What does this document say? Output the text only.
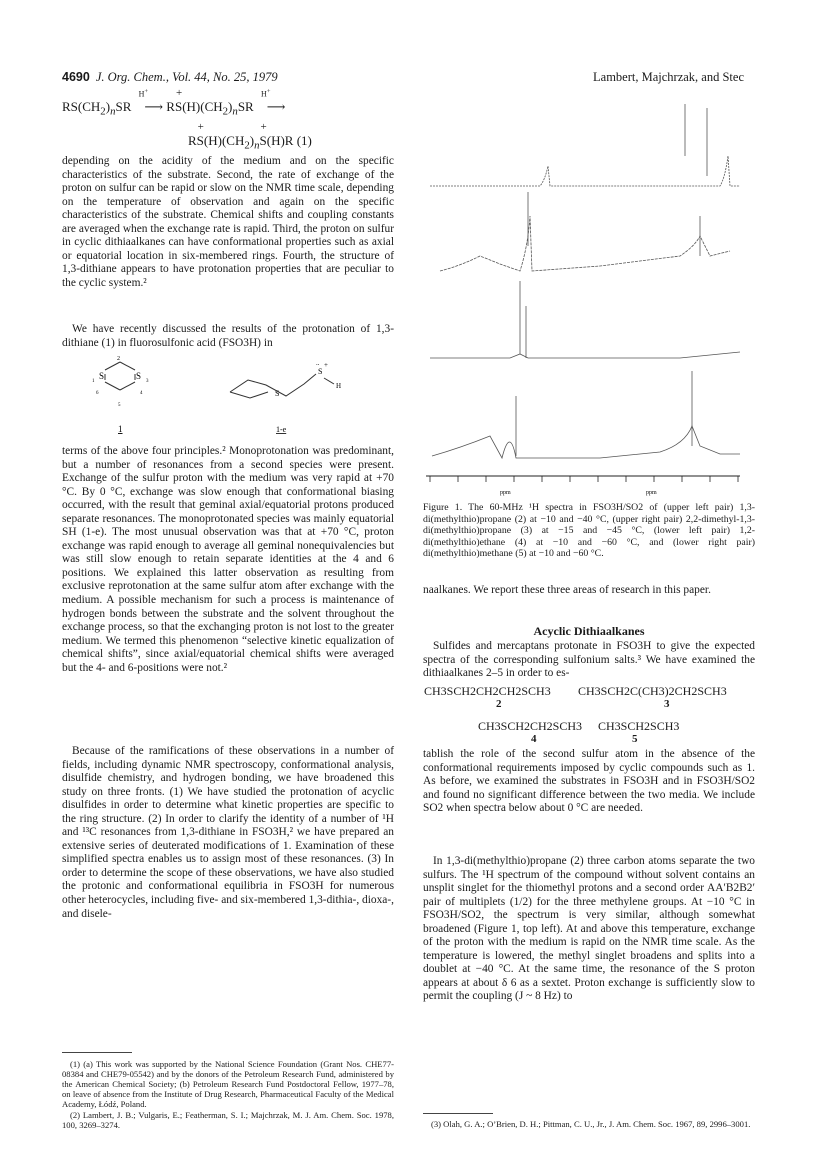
4690 J. Org. Chem., Vol. 44, No. 25, 1979	Lambert, Majchrzak, and Stec
$RS(CH_2)_nSR$
H+
⟶ RS
+
$(H)(CH_2)_nSR$
H+
⟶
RS
+
$(H)(CH_2)_nS$
+
(H)R (1)
depending on the acidity of the medium and on the specific characteristics of the substrate. Second, the rate of exchange of the proton on sulfur can be rapid or slow on the NMR time scale, depending on the temperature of observation and again on the specific characteristics of the substrate. Chemical shifts and coupling constants are averaged when the exchange rate is rapid. Third, the proton on sulfur in cyclic dithiaalkanes can have conformational properties such as axial or equatorial location in six-membered rings. Fourth, the structure of 1,3-dithiane appears to have protonation properties that are peculiar to the cyclic system.²
We have recently discussed the results of the protonation of 1,3-dithiane (1) in fluorosulfonic acid (FSO3H) in
2
S	S
1	3
6	4
5
1
S
S
+
..
H
1-e
terms of the above four principles.² Monoprotonation was predominant, but a number of resonances from a second species were present. Exchange of the sulfur proton with the medium was very rapid at +70 °C. By 0 °C, exchange was slow enough that conformational biasing occurred, with the result that geminal axial/equatorial protons produced separate resonances. The monoprotonated species was mainly equatorial SH (1-e). The most unusual observation was that at +70 °C, proton exchange was rapid enough to average all geminal nonequivalencies but was still slow enough to retain separate identities at the 4 and 6 positions. We explained this latter observation as resulting from exclusive reprotonation at the same sulfur atom after exchange with the medium. A possible mechanism for such a process is maintenance of hydrogen bonds between the substrate and the solvent throughout the exchange process, so that the exchanging proton is not lost to the greater medium. We termed this phenomenon “selective kinetic equalization of chemical shifts”, since axial/equatorial chemical shifts were averaged but the 4- and 6-positions were not.²
Because of the ramifications of these observations in a number of fields, including dynamic NMR spectroscopy, conformational analysis, disulfide chemistry, and hydrogen bonding, we have broadened this study on three fronts. (1) We have studied the protonation of acyclic disulfides in order to determine what kinetic properties are specific to the ring structure. (2) In order to clarify the identity of a number of ¹H and ¹³C resonances from 1,3-dithiane in FSO3H,² we have prepared an extensive series of deuterated modifications of 1. Examination of these simplified spectra enables us to assign most of these resonances. (3) In order to determine the scope of these observations, we have also studied the protonic and conformational equilibria in FSO3H for numerous other heterocycles, including five- and six-membered 1,3-dithia-, dioxa-, and disele-
(1) (a) This work was supported by the National Science Foundation (Grant Nos. CHE77-08384 and CHE79-05542) and by the donors of the Petroleum Research Fund, administered by the American Chemical Society; (b) Petroleum Research Fund Postdoctoral Fellow, 1977–78, on leave of absence from the Institute of Drug Research, Pharmaceutical Faculty of the Medical Academy, Łódź, Poland.
(2) Lambert, J. B.; Vulgaris, E.; Featherman, S. I.; Majchrzak, M. J. Am. Chem. Soc. 1978, 100, 3269–3274.
ppm	ppm
Figure 1. The 60-MHz ¹H spectra in FSO3H/SO2 of (upper left pair) 1,3-di(methylthio)propane (2) at −10 and −40 °C, (upper right pair) 2,2-dimethyl-1,3-di(methylthio)propane (3) at −15 and −45 °C, (lower left pair) 1,2-di(methylthio)ethane (4) at −10 and −60 °C, and (lower right pair) di(methylthio)methane (5) at −10 and −60 °C.
naalkanes. We report these three areas of research in this paper.
Acyclic Dithiaalkanes
Sulfides and mercaptans protonate in FSO3H to give the expected spectra of the corresponding sulfonium salts.³ We have examined the dithiaalkanes 2–5 in order to es-
CH3SCH2CH2CH2SCH3 CH3SCH2C(CH3)2CH2SCH3
2	3
CH3SCH2CH2SCH3 CH3SCH2SCH3
4	5
tablish the role of the second sulfur atom in the absence of the conformational requirements imposed by cyclic compounds such as 1. As before, we examined the substrates in FSO3H and in FSO3H/SO2 and found no significant difference between the two media. We include SO2 when spectra below about 0 °C are needed.
In 1,3-di(methylthio)propane (2) three carbon atoms separate the two sulfurs. The ¹H spectrum of the compound without solvent contains an unsplit singlet for the thiomethyl protons and a second order AA′B2B2′ pair of multiplets (1/2) for the three methylene groups. At −10 °C in FSO3H/SO2, the spectrum is very similar, although somewhat broadened (Figure 1, top left). At and above this temperature, exchange of the proton with the medium is rapid on the NMR time scale. As the temperature is lowered, the methyl singlet broadens and splits into a doublet at −40 °C. At the same time, the resonance of the S proton appears at about δ 6 as a sextet. Proton exchange is sufficiently slow to permit the coupling (J ~ 8 Hz) to
(3) Olah, G. A.; O’Brien, D. H.; Pittman, C. U., Jr., J. Am. Chem. Soc. 1967, 89, 2996–3001.
